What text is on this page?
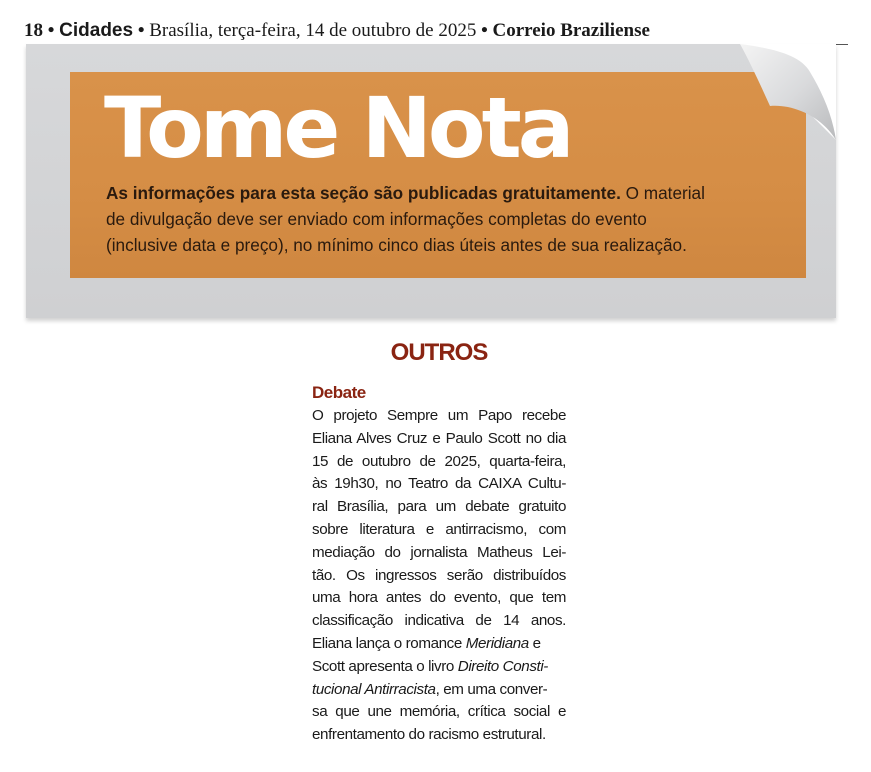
18 • Cidades • Brasília, terça-feira, 14 de outubro de 2025 • Correio Braziliense
Tome Nota

As informações para esta seção são publicadas gratuitamente. O material
de divulgação deve ser enviado com informações completas do evento
(inclusive data e preço), no mínimo cinco dias úteis antes de sua realização.

OUTROS
Debate

O projeto Sempre um Papo recebe
Eliana Alves Cruz e Paulo Scott no dia
15 de outubro de 2025, quarta-feira,
às 19h30, no Teatro da CAIXA Cultu-
ral Brasília, para um debate gratuito
sobre literatura e antirracismo, com
mediação do jornalista Matheus Lei-
tão. Os ingressos serão distribuídos
uma hora antes do evento, que tem
classificação indicativa de 14 anos.
Eliana lança o romance Meridiana e
Scott apresenta o livro Direito Consti-
tucional Antirracista, em uma conver-
sa que une memória, crítica social e
enfrentamento do racismo estrutural.
